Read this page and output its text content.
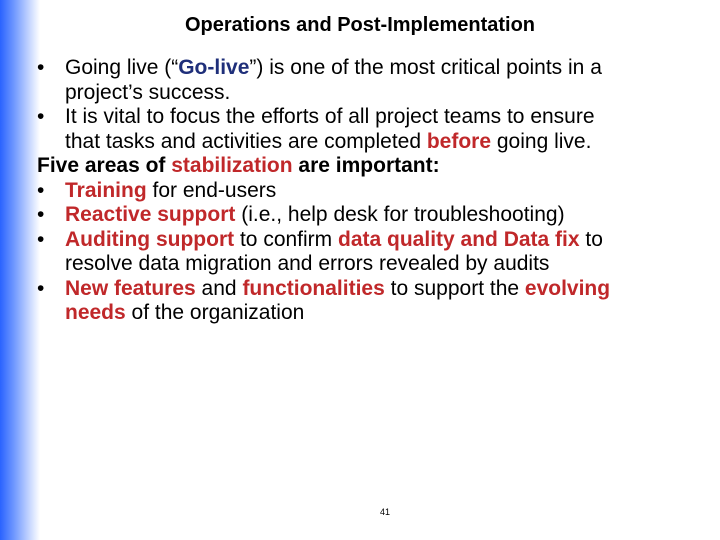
Operations and Post-Implementation
• Going live (“Go-live”) is one of the most critical points in a
project’s success.
• It is vital to focus the efforts of all project teams to ensure
that tasks and activities are completed before going live.
Five areas of stabilization are important:
• Training for end-users
• Reactive support (i.e., help desk for troubleshooting)
• Auditing support to confirm data quality and Data fix to
resolve data migration and errors revealed by audits
• New features and functionalities to support the evolving
needs of the organization
41
